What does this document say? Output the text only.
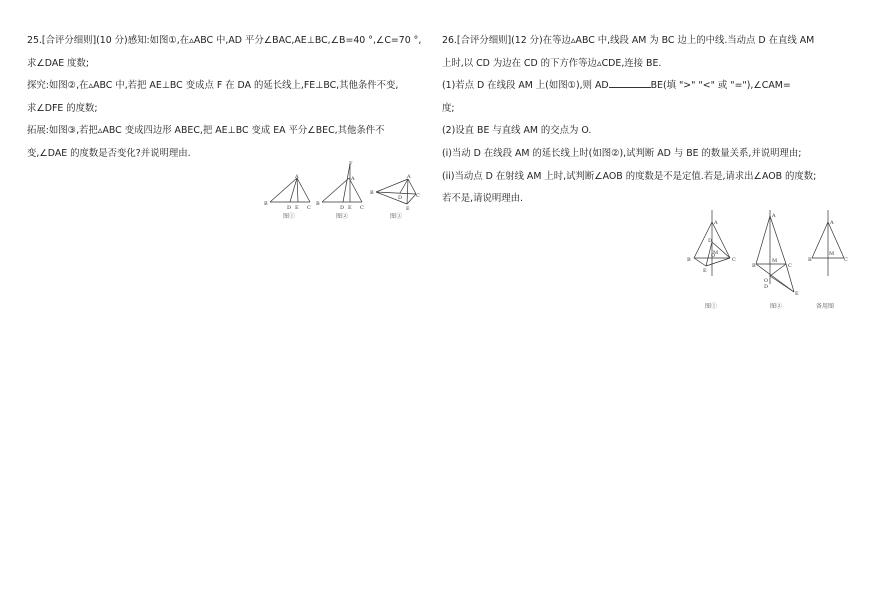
25.[合评分细则](10 分)感知:如图①,在▵ABC 中,AD 平分∠BAC,AE⊥BC,∠B=40 °,∠C=70 °,
求∠DAE 度数;
探究:如图②,在▵ABC 中,若把 AE⊥BC 变成点 F 在 DA 的延长线上,FE⊥BC,其他条件不变,
求∠DFE 的度数;
拓展:如图③,若把▵ABC 变成四边形 ABEC,把 AE⊥BC 变成 EA 平分∠BEC,其他条件不
变,∠DAE 的度数是否变化?并说明理由.
A
B
D E C
图①
F
A
B
D E C
图②
A
B
D
E
C
图③
26.[合评分细则](12 分)在等边▵ABC 中,线段 AM 为 BC 边上的中线.当动点 D 在直线 AM
上时,以 CD 为边在 CD 的下方作等边▵CDE,连接 BE.
(1)若点 D 在线段 AM 上(如图①),则 AD	BE(填 ">" "<" 或 "="),∠CAM=
度;
(2)设直 BE 与直线 AM 的交点为 O.
(i)当动 D 在线段 AM 的延长线上时(如图②),试判断 AD 与 BE 的数量关系,并说明理由;
(ii)当动点 D 在射线 AM 上时,试判断∠AOB 的度数是不是定值.若是,请求出∠AOB 的度数;
若不是,请说明理由.
A
D
M
B	C
E
O
图①
A
M
B	C
O
D
E
图②
A
M
B	C
备用图
